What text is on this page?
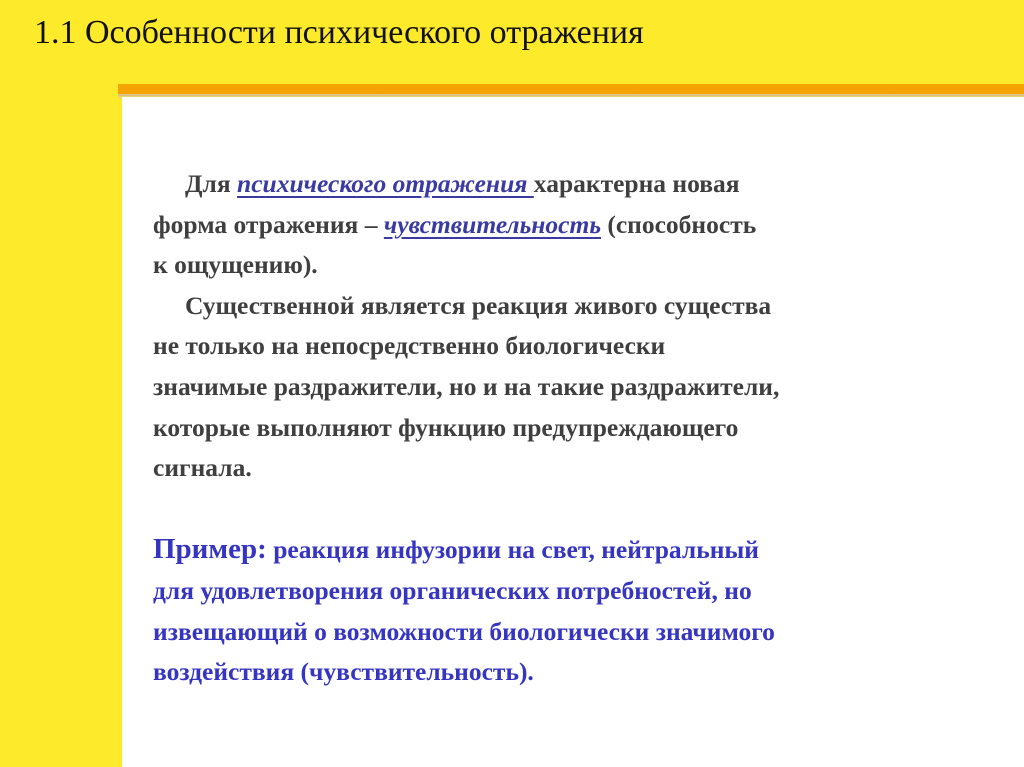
1.1 Особенности психического отражения

Для психического отражения характерна новая

форма отражения – чувствительность (способность

к ощущению).

Существенной является реакция живого существа

не только на непосредственно биологически

значимые раздражители, но и на такие раздражители,

которые выполняют функцию предупреждающего

сигнала.

Пример: реакция инфузории на свет, нейтральный

для удовлетворения органических потребностей, но

извещающий о возможности биологически значимого

воздействия (чувствительность).
